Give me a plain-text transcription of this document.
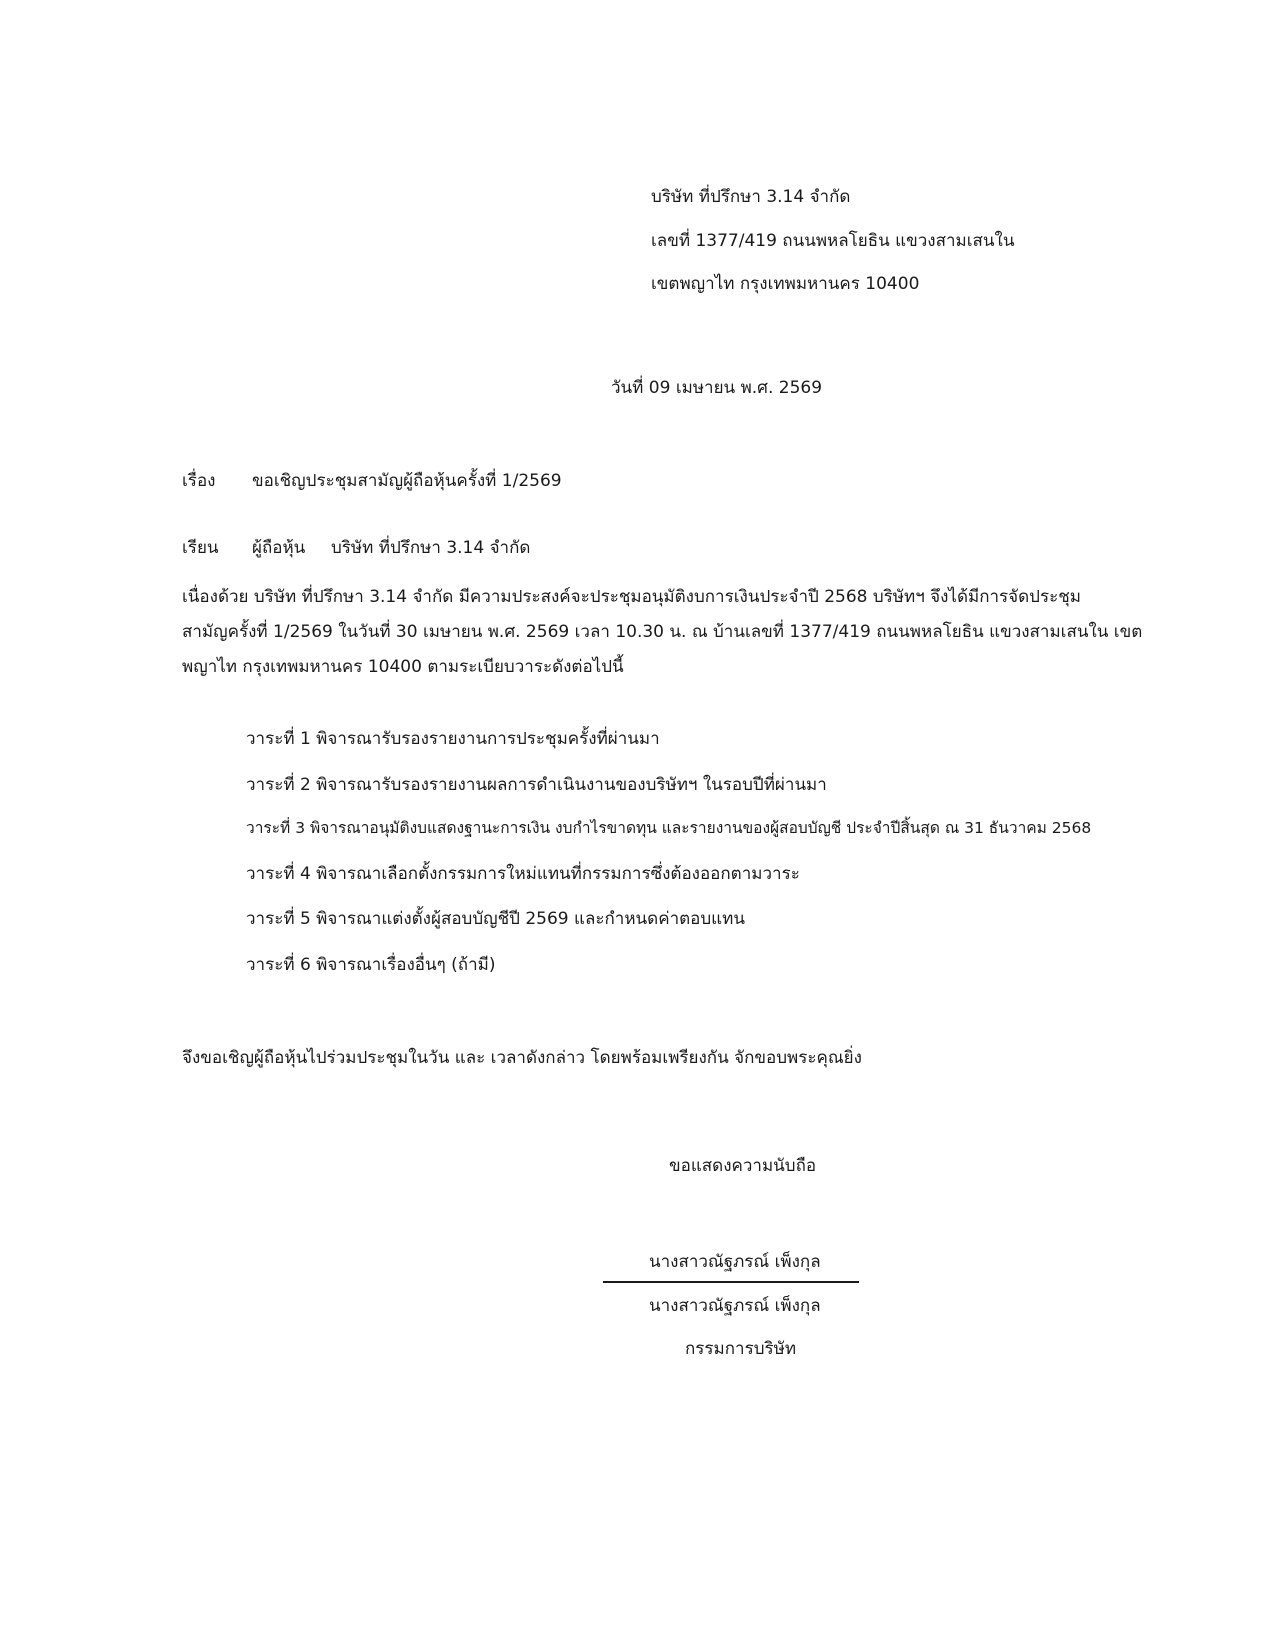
บริษัท ที่ปรึกษา 3.14 จำกัด
เลขที่ 1377/419 ถนนพหลโยธิน แขวงสามเสนใน
เขตพญาไท กรุงเทพมหานคร 10400
วันที่ 09 เมษายน พ.ศ. 2569
เรื่อง ขอเชิญประชุมสามัญผู้ถือหุ้นครั้งที่ 1/2569
เรียน ผู้ถือหุ้น บริษัท ที่ปรึกษา 3.14 จำกัด
เนื่องด้วย บริษัท ที่ปรึกษา 3.14 จำกัด มีความประสงค์จะประชุมอนุมัติงบการเงินประจำปี 2568 บริษัทฯ จึงได้มีการจัดประชุม
สามัญครั้งที่ 1/2569 ในวันที่ 30 เมษายน พ.ศ. 2569 เวลา 10.30 น. ณ บ้านเลขที่ 1377/419 ถนนพหลโยธิน แขวงสามเสนใน เขต
พญาไท กรุงเทพมหานคร 10400 ตามระเบียบวาระดังต่อไปนี้
วาระที่ 1 พิจารณารับรองรายงานการประชุมครั้งที่ผ่านมา
วาระที่ 2 พิจารณารับรองรายงานผลการดำเนินงานของบริษัทฯ ในรอบปีที่ผ่านมา
วาระที่ 3 พิจารณาอนุมัติงบแสดงฐานะการเงิน งบกำไรขาดทุน และรายงานของผู้สอบบัญชี ประจำปีสิ้นสุด ณ 31 ธันวาคม 2568
วาระที่ 4 พิจารณาเลือกตั้งกรรมการใหม่แทนที่กรรมการซึ่งต้องออกตามวาระ
วาระที่ 5 พิจารณาแต่งตั้งผู้สอบบัญชีปี 2569 และกำหนดค่าตอบแทน
วาระที่ 6 พิจารณาเรื่องอื่นๆ (ถ้ามี)
จึงขอเชิญผู้ถือหุ้นไปร่วมประชุมในวัน และ เวลาดังกล่าว โดยพร้อมเพรียงกัน จักขอบพระคุณยิ่ง
ขอแสดงความนับถือ
นางสาวณัฐภรณ์ เพ็งกุล
นางสาวณัฐภรณ์ เพ็งกุล
กรรมการบริษัท
